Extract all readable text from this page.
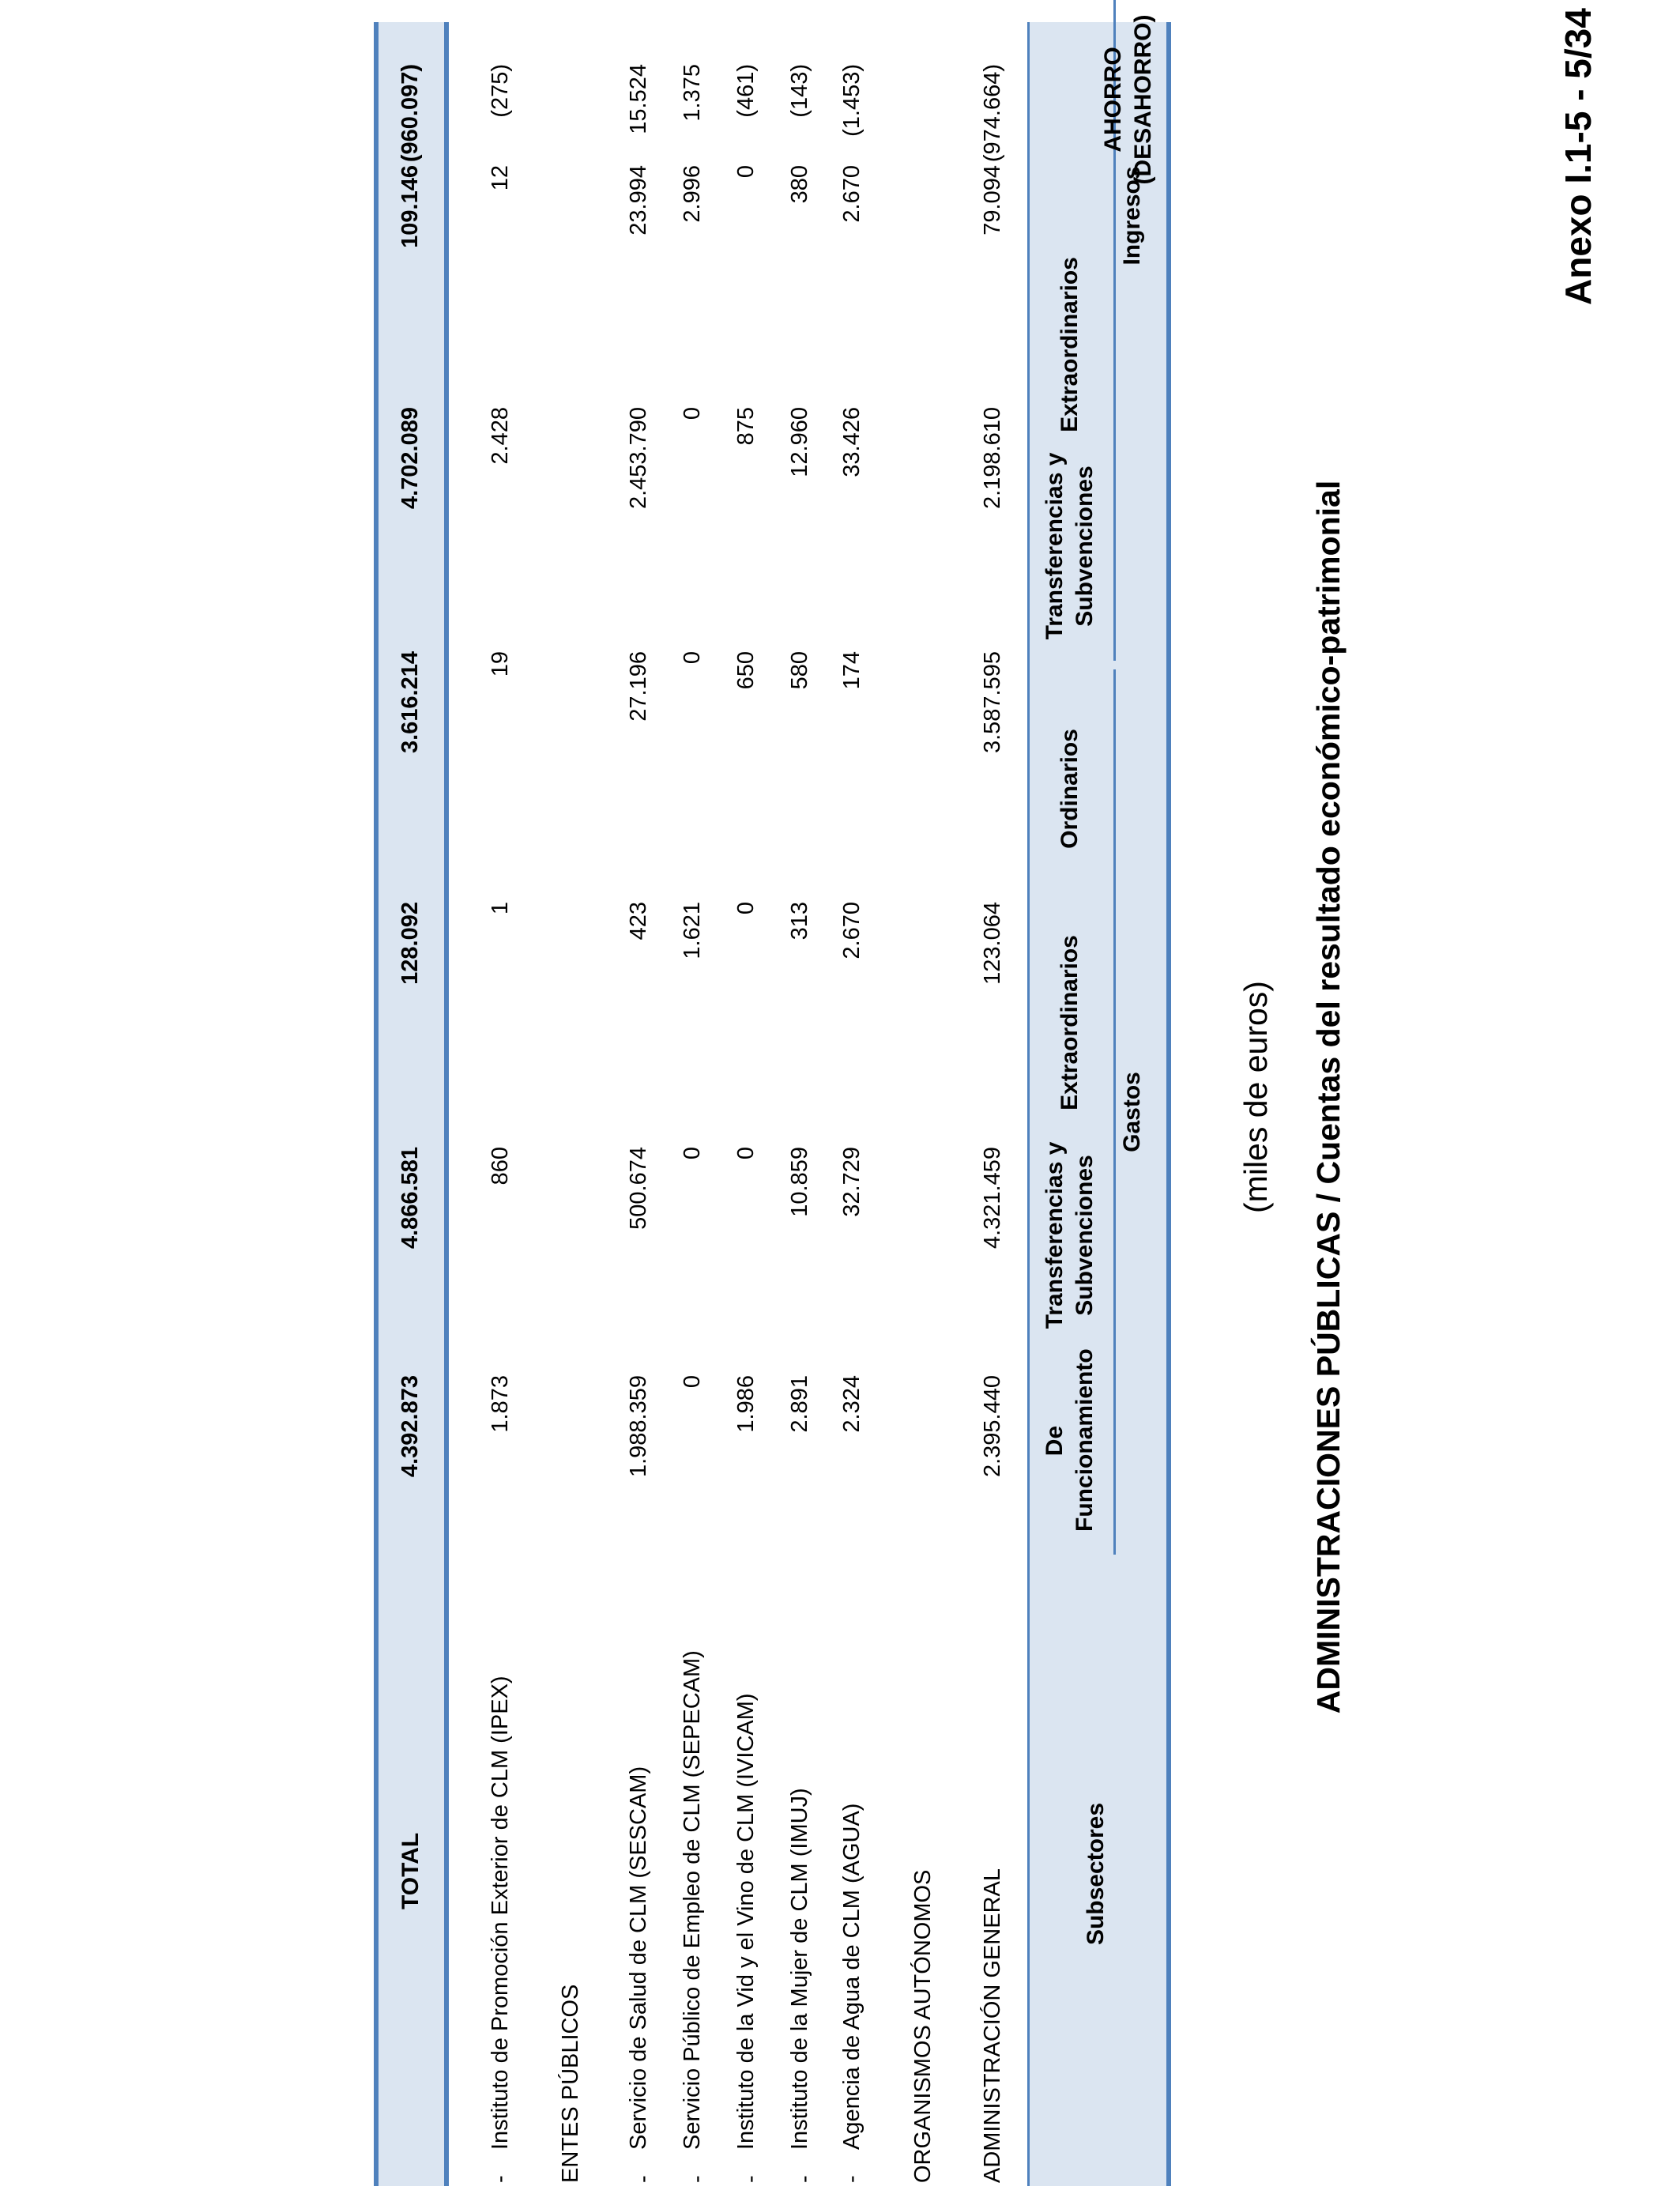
Anexo I.1-5 - 5/34
ADMINISTRACIONES PÚBLICAS / Cuentas del resultado económico-patrimonial
(miles de euros)
Subsectores
Gastos
Ingresos
AHORRO (DESAHORRO)
De Funcionamiento
Transferencias y Subvenciones
Extraordinarios
Ordinarios
Transferencias y Subvenciones
Extraordinarios
ORGANISMOS AUTÓNOMOS
ENTES PÚBLICOS	-
-
-
-
-
-	ADMINISTRACIÓN GENERAL
2.395.440
4.321.459
123.064
3.587.595
2.198.610
79.094
(974.664)
Agencia de Agua de CLM (AGUA)
2.324
32.729
2.670
174
33.426
2.670
(1.453)
Instituto de la Mujer de CLM (IMUJ)
2.891
10.859
313
580
12.960
380
(143)
Instituto de la Vid y el Vino de CLM (IVICAM)
1.986
0
0
650
875
0
(461)
Servicio Público de Empleo de CLM (SEPECAM)
0
0
1.621
0
0
2.996
1.375
Servicio de Salud de CLM (SESCAM)
1.988.359
500.674
423
27.196
2.453.790
23.994
15.524
Instituto de Promoción Exterior de CLM (IPEX)
1.873
860
1
19
2.428
12
(275)
TOTAL
4.392.873
4.866.581
128.092
3.616.214
4.702.089
109.146
(960.097)
